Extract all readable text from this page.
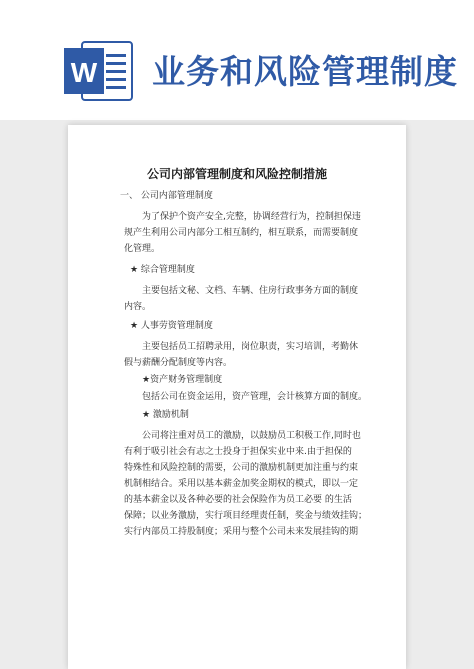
W 业务和风险管理制度
公司内部管理制度和风险控制措施
一、 公司内部管理制度
为了保护个资产安全,完整，协调经营行为，控制担保违
规产生利用公司内部分工相互制约，相互联系，而需要制度
化管理。
★ 综合管理制度
主要包括文秘、文档、车辆、住房行政事务方面的制度
内容。
★ 人事劳资管理制度
主要包括员工招聘录用，岗位职责，实习培训，考勤休
假与薪酬分配制度等内容。
★资产财务管理制度
包括公司在资金运用，资产管理，会计核算方面的制度。
★ 激励机制
公司将注重对员工的激励，以鼓励员工积极工作,同时也
有利于吸引社会有志之士投身于担保实业中来.由于担保的
特殊性和风险控制的需要，公司的激励机制更加注重与约束
机制相结合。采用以基本薪金加奖金期权的模式，即以一定
的基本薪金以及各种必要的社会保险作为员工必要 的生活
保障；以业务激励，实行项目经理责任制，奖金与绩效挂钩；
实行内部员工持股制度；采用与整个公司未来发展挂钩的期
